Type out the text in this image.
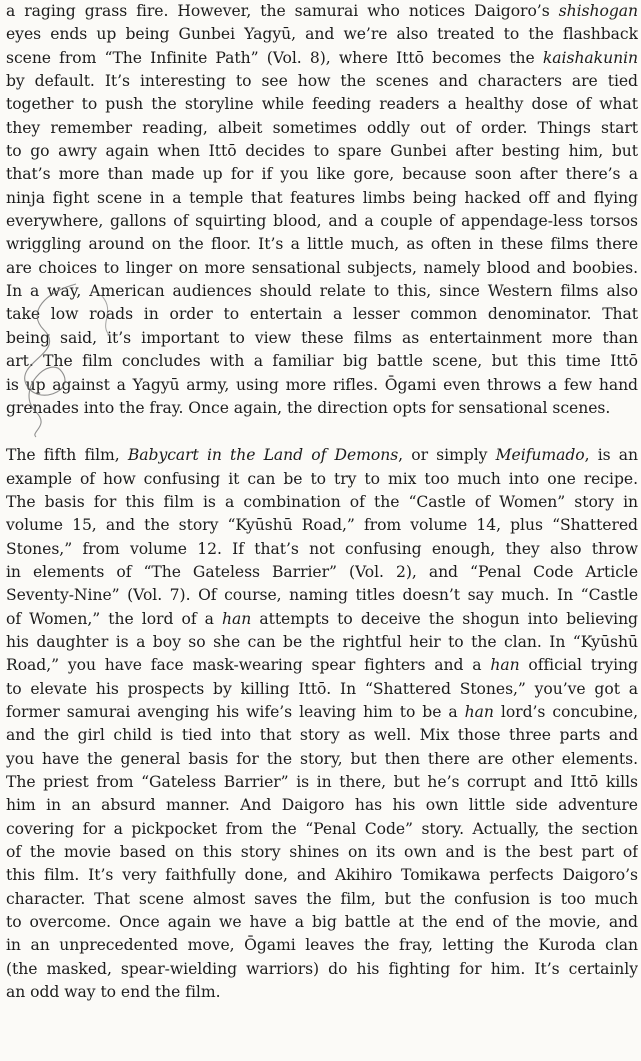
a raging grass fire. However, the samurai who notices Daigoro’s shishogan
eyes ends up being Gunbei Yagyū, and we’re also treated to the flashback
scene from “The Infinite Path” (Vol. 8), where Ittō becomes the kaishakunin
by default. It’s interesting to see how the scenes and characters are tied
together to push the storyline while feeding readers a healthy dose of what
they remember reading, albeit sometimes oddly out of order. Things start
to go awry again when Ittō decides to spare Gunbei after besting him, but
that’s more than made up for if you like gore, because soon after there’s a
ninja fight scene in a temple that features limbs being hacked off and flying
everywhere, gallons of squirting blood, and a couple of appendage-less torsos
wriggling around on the floor. It’s a little much, as often in these films there
are choices to linger on more sensational subjects, namely blood and boobies.
In a way, American audiences should relate to this, since Western films also
take low roads in order to entertain a lesser common denominator. That
being said, it’s important to view these films as entertainment more than
art. The film concludes with a familiar big battle scene, but this time Ittō
is up against a Yagyū army, using more rifles. Ōgami even throws a few hand
grenades into the fray. Once again, the direction opts for sensational scenes.
The fifth film, Babycart in the Land of Demons, or simply Meifumado, is an
example of how confusing it can be to try to mix too much into one recipe.
The basis for this film is a combination of the “Castle of Women” story in
volume 15, and the story “Kyūshū Road,” from volume 14, plus “Shattered
Stones,” from volume 12. If that’s not confusing enough, they also throw
in elements of “The Gateless Barrier” (Vol. 2), and “Penal Code Article
Seventy-Nine” (Vol. 7). Of course, naming titles doesn’t say much. In “Castle
of Women,” the lord of a han attempts to deceive the shogun into believing
his daughter is a boy so she can be the rightful heir to the clan. In “Kyūshū
Road,” you have face mask-wearing spear fighters and a han official trying
to elevate his prospects by killing Ittō. In “Shattered Stones,” you’ve got a
former samurai avenging his wife’s leaving him to be a han lord’s concubine,
and the girl child is tied into that story as well. Mix those three parts and
you have the general basis for the story, but then there are other elements.
The priest from “Gateless Barrier” is in there, but he’s corrupt and Ittō kills
him in an absurd manner. And Daigoro has his own little side adventure
covering for a pickpocket from the “Penal Code” story. Actually, the section
of the movie based on this story shines on its own and is the best part of
this film. It’s very faithfully done, and Akihiro Tomikawa perfects Daigoro’s
character. That scene almost saves the film, but the confusion is too much
to overcome. Once again we have a big battle at the end of the movie, and
in an unprecedented move, Ōgami leaves the fray, letting the Kuroda clan
(the masked, spear-wielding warriors) do his fighting for him. It’s certainly
an odd way to end the film.
